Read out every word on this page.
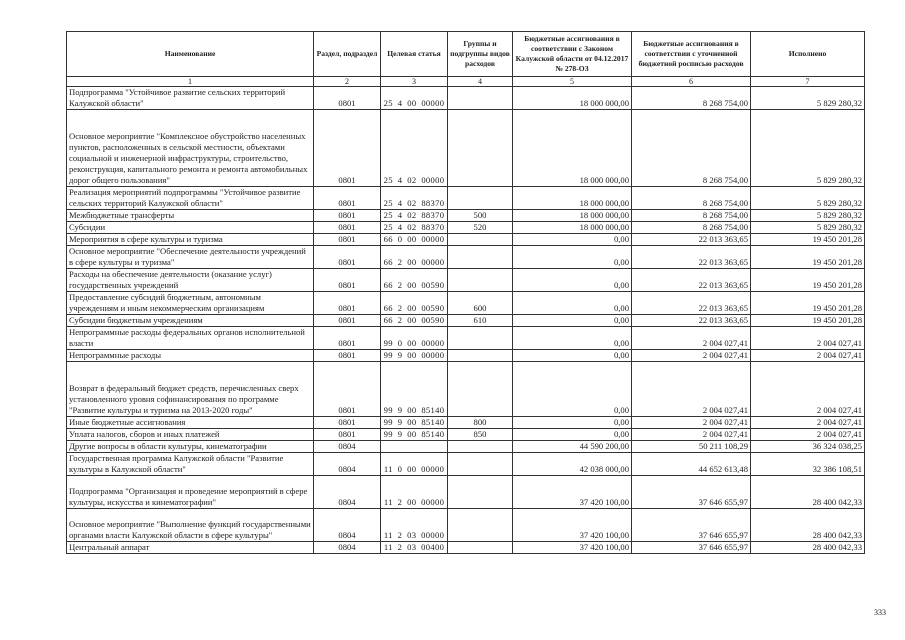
Наименование	Раздел, подраздел	Целевая статья	Группы и подгруппы видов расходов	Бюджетные ассигнования в соответствии с Законом Калужской области от 04.12.2017 № 278-ОЗ	Бюджетные ассигнования в соответствии с уточненной бюджетной росписью расходов	Исполнено
1	2	3	4	5	6	7
Подпрограмма "Устойчивое развитие сельских территорий Калужской области"	0801	25  4  00  00000		18 000 000,00	8 268 754,00	5 829 280,32
Основное мероприятие "Комплексное обустройство населенных пунктов, расположенных в сельской местности, объектами социальной и инженерной инфраструктуры, строительство, реконструкция, капитального ремонта и ремонта автомобильных дорог общего пользования"	0801	25  4  02  00000		18 000 000,00	8 268 754,00	5 829 280,32
Реализация мероприятий подпрограммы "Устойчивое развитие сельских территорий Калужской области"	0801	25  4  02  88370		18 000 000,00	8 268 754,00	5 829 280,32
Межбюджетные трансферты	0801	25  4  02  88370	500	18 000 000,00	8 268 754,00	5 829 280,32
Субсидии	0801	25  4  02  88370	520	18 000 000,00	8 268 754,00	5 829 280,32
Мероприятия в сфере культуры и туризма	0801	66  0  00  00000		0,00	22 013 363,65	19 450 201,28
Основное мероприятие "Обеспечение деятельности учреждений в сфере культуры и туризма"	0801	66  2  00  00000		0,00	22 013 363,65	19 450 201,28
Расходы на обеспечение деятельности (оказание услуг) государственных учреждений	0801	66  2  00  00590		0,00	22 013 363,65	19 450 201,28
Предоставление субсидий бюджетным, автономным учреждениям и иным некоммерческим организациям	0801	66  2  00  00590	600	0,00	22 013 363,65	19 450 201,28
Субсидии бюджетным учреждениям	0801	66  2  00  00590	610	0,00	22 013 363,65	19 450 201,28
Непрограммные расходы федеральных органов исполнительной власти	0801	99  0  00  00000		0,00	2 004 027,41	2 004 027,41
Непрограммные расходы	0801	99  9  00  00000		0,00	2 004 027,41	2 004 027,41
Возврат в федеральный бюджет средств, перечисленных сверх установленного уровня софинансирования по программе "Развитие культуры и туризма на 2013-2020 годы"	0801	99  9  00  85140		0,00	2 004 027,41	2 004 027,41
Иные бюджетные ассигнования	0801	99  9  00  85140	800	0,00	2 004 027,41	2 004 027,41
Уплата налогов, сборов и иных платежей	0801	99  9  00  85140	850	0,00	2 004 027,41	2 004 027,41
Другие вопросы в области культуры, кинематографии	0804			44 590 200,00	50 211 108,29	36 324 038,25
Государственная программа Калужской области "Развитие культуры в Калужской области"	0804	11  0  00  00000		42 038 000,00	44 652 613,48	32 386 108,51
Подпрограмма "Организация и проведение мероприятий в сфере культуры, искусства и кинематографии"	0804	11  2  00  00000		37 420 100,00	37 646 655,97	28 400 042,33
Основное мероприятие "Выполнение функций государственными органами власти Калужской области в сфере культуры"	0804	11  2  03  00000		37 420 100,00	37 646 655,97	28 400 042,33
Центральный аппарат	0804	11  2  03  00400		37 420 100,00	37 646 655,97	28 400 042,33
333
